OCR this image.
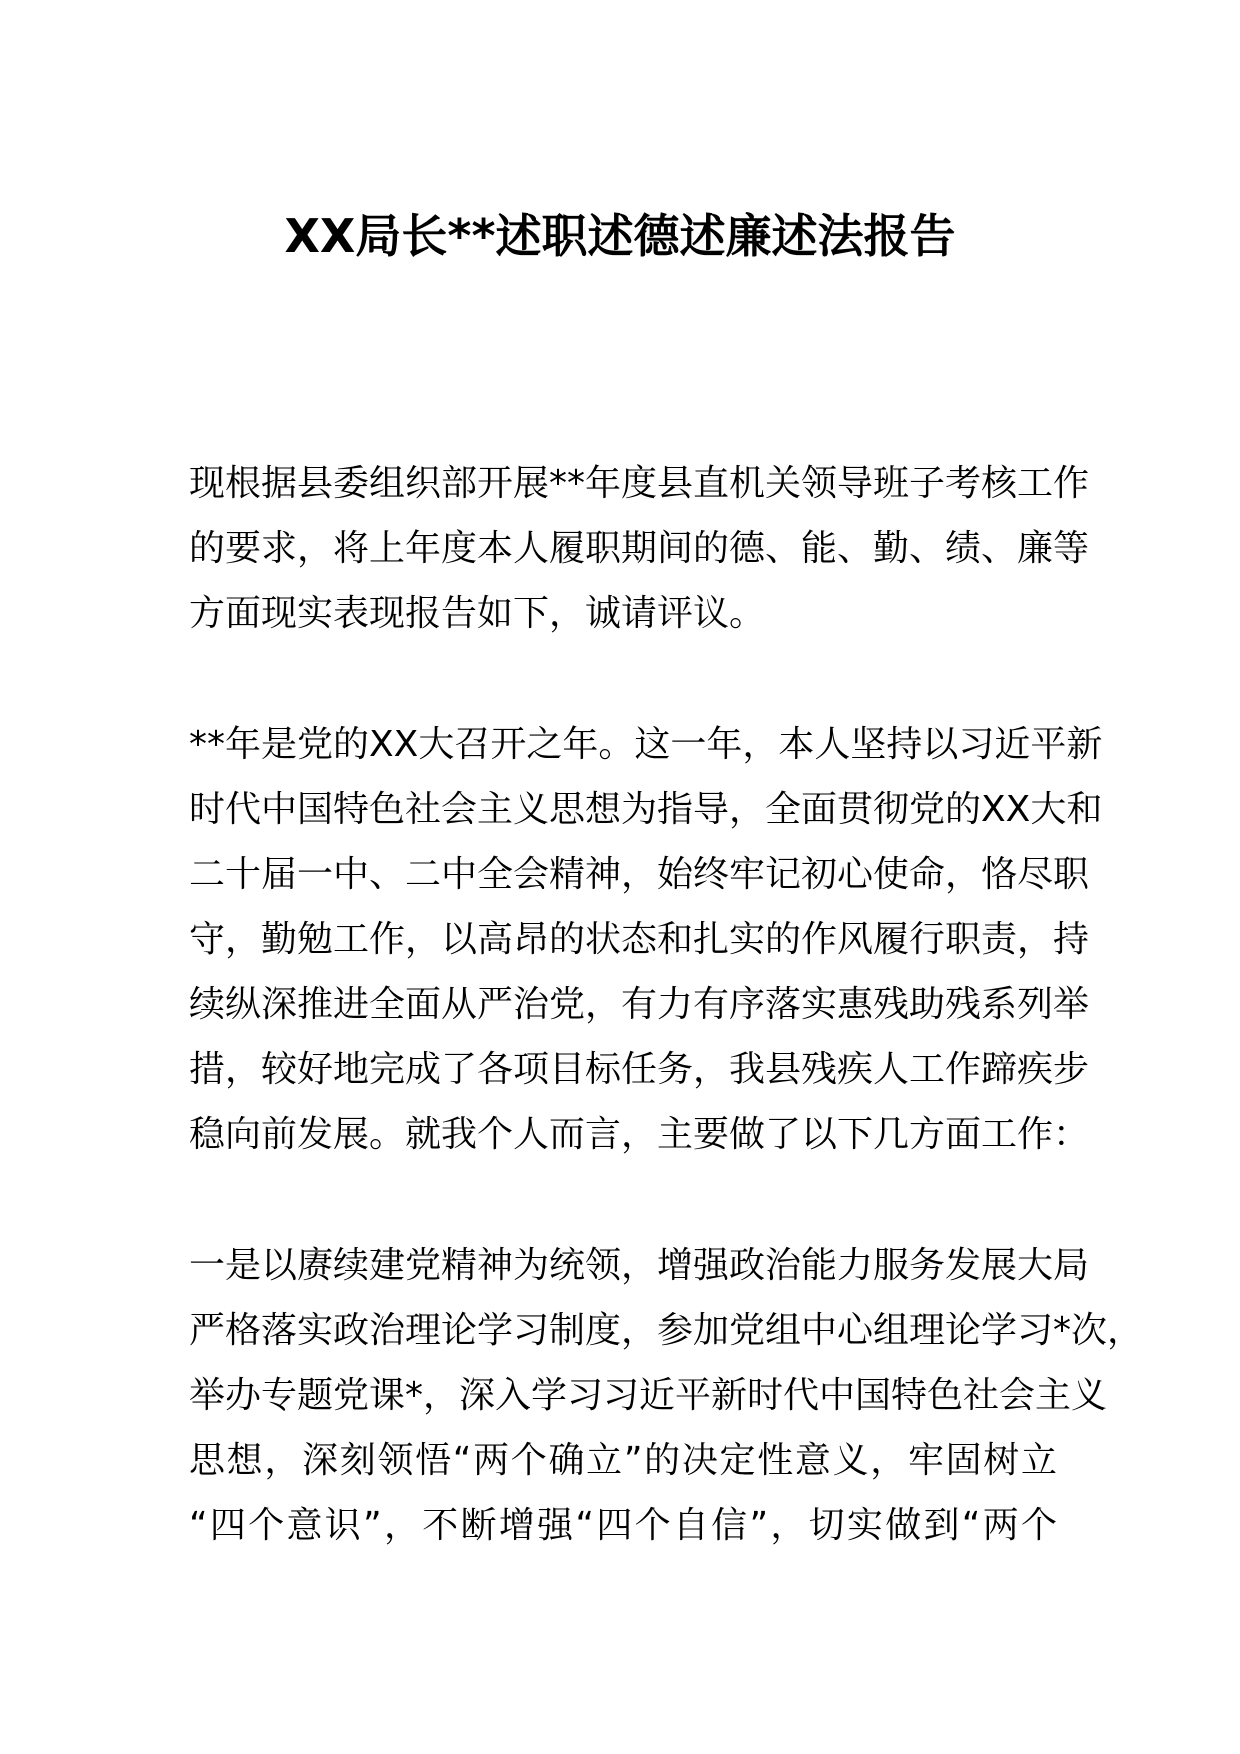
XX局长**述职述德述廉述法报告
现根据县委组织部开展**年度县直机关领导班子考核工作
的要求，将上年度本人履职期间的德、能、勤、绩、廉等
方面现实表现报告如下，诚请评议。
**年是党的XX大召开之年。这一年，本人坚持以习近平新
时代中国特色社会主义思想为指导，全面贯彻党的XX大和
二十届一中、二中全会精神，始终牢记初心使命，恪尽职
守，勤勉工作，以高昂的状态和扎实的作风履行职责，持
续纵深推进全面从严治党，有力有序落实惠残助残系列举
措，较好地完成了各项目标任务，我县残疾人工作蹄疾步
稳向前发展。就我个人而言，主要做了以下几方面工作：
一是以赓续建党精神为统领，增强政治能力服务发展大局
严格落实政治理论学习制度，参加党组中心组理论学习*次，
举办专题党课*，深入学习习近平新时代中国特色社会主义
思想，深刻领悟“两个确立”的决定性意义，牢固树立
“四个意识”，不断增强“四个自信”，切实做到“两个
